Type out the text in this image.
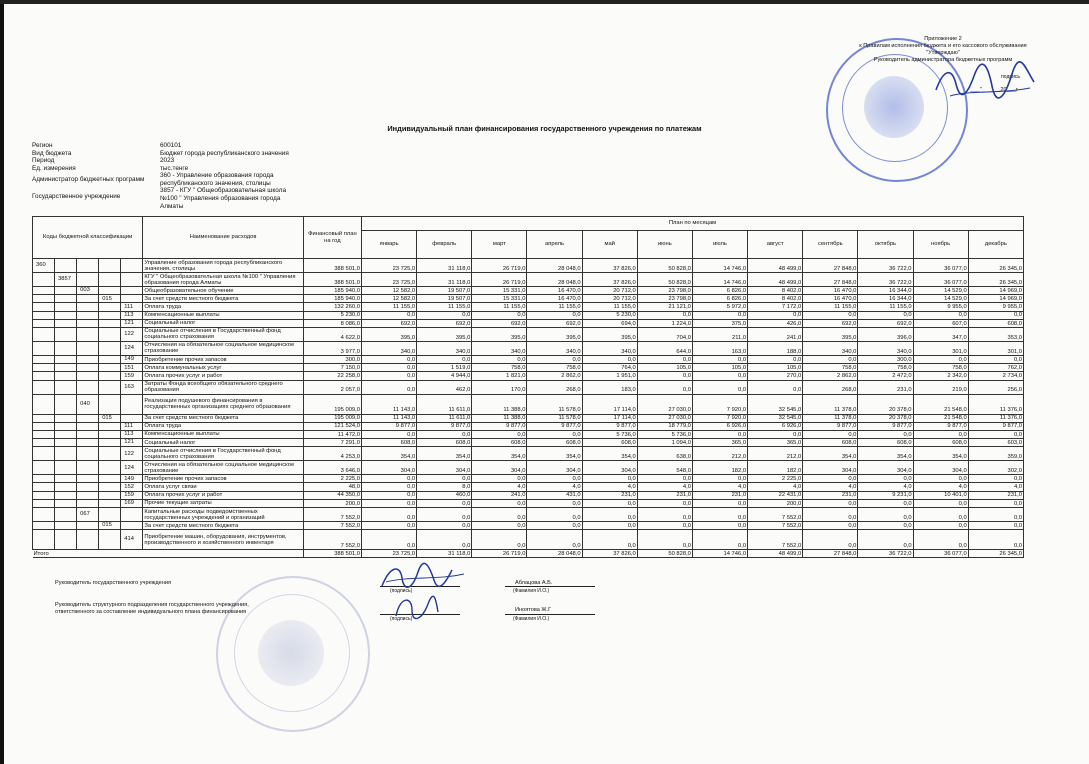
Приложение 2
к Правилам исполнения бюджета и его кассового обслуживания
"Утверждаю"
Руководитель администратора бюджетных программ
подпись
"___"______20___г
Индивидуальный план финансирования государственного учреждения по платежам
Регион	600101
Вид бюджета	Бюджет города республиканского значения
Период	2023
Ед. измерения	тыс.тенге
Администратор бюджетных программ
360 - Управление образования города республиканского значения, столицы
Государственное учреждение
3857 - КГУ " Общеобразовательная школа №100 " Управления образования города Алматы
Коды бюджетной классификации					Наименование расходов	Финансовый план на год	План по месяцам											
							январь	февраль	март	апрель	май	июнь	июль	август	сентябрь	октябрь	ноябрь	декабрь
360					Управление образования города республиканского значения, столицы	388 501,0	23 725,0	31 118,0	26 719,0	28 048,0	37 826,0	50 828,0	14 746,0	48 499,0	27 848,0	36 722,0	36 077,0	26 345,0
	3857				КГУ " Общеобразовательная школа №100 " Управления образования города Алматы	388 501,0	23 725,0	31 118,0	26 719,0	28 048,0	37 826,0	50 828,0	14 746,0	48 499,0	27 848,0	36 722,0	36 077,0	26 345,0
		003			Общеобразовательное обучение	185 940,0	12 582,0	19 507,0	15 331,0	16 470,0	20 712,0	23 798,0	6 826,0	8 402,0	16 470,0	16 344,0	14 529,0	14 969,0
			015		За счет средств местного бюджета	185 940,0	12 582,0	19 507,0	15 331,0	16 470,0	20 712,0	23 798,0	6 826,0	8 402,0	16 470,0	16 344,0	14 529,0	14 969,0
				111	Оплата труда	132 260,0	11 155,0	11 155,0	11 155,0	11 155,0	11 155,0	21 121,0	5 972,0	7 172,0	11 155,0	11 155,0	9 955,0	9 955,0
				113	Компенсационные выплаты	5 230,0	0,0	0,0	0,0	0,0	5 230,0	0,0	0,0	0,0	0,0	0,0	0,0	0,0
				121	Социальный налог	8 086,0	692,0	692,0	692,0	692,0	694,0	1 224,0	375,0	426,0	692,0	692,0	607,0	608,0
				122	Социальные отчисления в Государственный фонд социального страхования	4 622,0	395,0	395,0	395,0	395,0	395,0	704,0	211,0	241,0	395,0	396,0	347,0	353,0
				124	Отчисления на обязательное социальное медицинское страхование	3 977,0	340,0	340,0	340,0	340,0	340,0	644,0	163,0	188,0	340,0	340,0	301,0	301,0
				149	Приобретение прочих запасов	300,0	0,0	0,0	0,0	0,0	0,0	0,0	0,0	0,0	0,0	300,0	0,0	0,0
				151	Оплата коммунальных услуг	7 150,0	0,0	1 519,0	758,0	758,0	764,0	105,0	105,0	105,0	758,0	758,0	758,0	762,0
				159	Оплата прочих услуг и работ	22 258,0	0,0	4 944,0	1 821,0	2 862,0	1 951,0	0,0	0,0	270,0	2 862,0	2 472,0	2 342,0	2 734,0
				163	Затраты Фонда всеобщего обязательного среднего образования	2 057,0	0,0	462,0	170,0	268,0	183,0	0,0	0,0	0,0	268,0	231,0	219,0	256,0
		040			Реализация подушевого финансирования в государственных организациях среднего образования	195 009,0	11 143,0	11 611,0	11 388,0	11 578,0	17 114,0	27 030,0	7 920,0	32 545,0	11 378,0	20 378,0	21 548,0	11 376,0
			015		За счет средств местного бюджета	195 009,0	11 143,0	11 611,0	11 388,0	11 578,0	17 114,0	27 030,0	7 920,0	32 545,0	11 378,0	20 378,0	21 548,0	11 376,0
				111	Оплата труда	121 524,0	9 877,0	9 877,0	9 877,0	9 877,0	9 877,0	18 779,0	6 926,0	6 926,0	9 877,0	9 877,0	9 877,0	9 877,0
				113	Компенсационные выплаты	11 472,0	0,0	0,0	0,0	0,0	5 736,0	5 736,0	0,0	0,0	0,0	0,0	0,0	0,0
				121	Социальный налог	7 291,0	608,0	608,0	608,0	608,0	608,0	1 094,0	365,0	365,0	608,0	608,0	608,0	603,0
				122	Социальные отчисления в Государственный фонд социального страхования	4 253,0	354,0	354,0	354,0	354,0	354,0	638,0	212,0	212,0	354,0	354,0	354,0	359,0
				124	Отчисления на обязательное социальное медицинское страхование	3 646,0	304,0	304,0	304,0	304,0	304,0	548,0	182,0	182,0	304,0	304,0	304,0	302,0
				149	Приобретение прочих запасов	2 225,0	0,0	0,0	0,0	0,0	0,0	0,0	0,0	2 225,0	0,0	0,0	0,0	0,0
				152	Оплата услуг связи	48,0	0,0	8,0	4,0	4,0	4,0	4,0	4,0	4,0	4,0	4,0	4,0	4,0
				159	Оплата прочих услуг и работ	44 350,0	0,0	460,0	241,0	431,0	231,0	231,0	231,0	22 431,0	231,0	9 231,0	10 401,0	231,0
				169	Прочие текущие затраты	200,0	0,0	0,0	0,0	0,0	0,0	0,0	0,0	200,0	0,0	0,0	0,0	0,0
		067			Капитальные расходы подведомственных государственных учреждений и организаций	7 552,0	0,0	0,0	0,0	0,0	0,0	0,0	0,0	7 552,0	0,0	0,0	0,0	0,0
			015		За счет средств местного бюджета	7 552,0	0,0	0,0	0,0	0,0	0,0	0,0	0,0	7 552,0	0,0	0,0	0,0	0,0
				414	Приобретение машин, оборудования, инструментов, производственного и хозяйственного инвентаря	7 552,0	0,0	0,0	0,0	0,0	0,0	0,0	0,0	7 552,0	0,0	0,0	0,0	0,0
Итого						388 501,0	23 725,0	31 118,0	26 719,0	28 048,0	37 826,0	50 828,0	14 746,0	48 499,0	27 848,0	36 722,0	36 077,0	26 345,0
Руководитель государственного учреждения
(подпись)
Аблацова А.Б.
(Фамилия И.О.)
Руководитель структурного подразделения государственного учреждения,
ответственного за составление индивидуального плана финансирования
(подпись)
Иноятова Ж.Г
(Фамилия И.О.)
